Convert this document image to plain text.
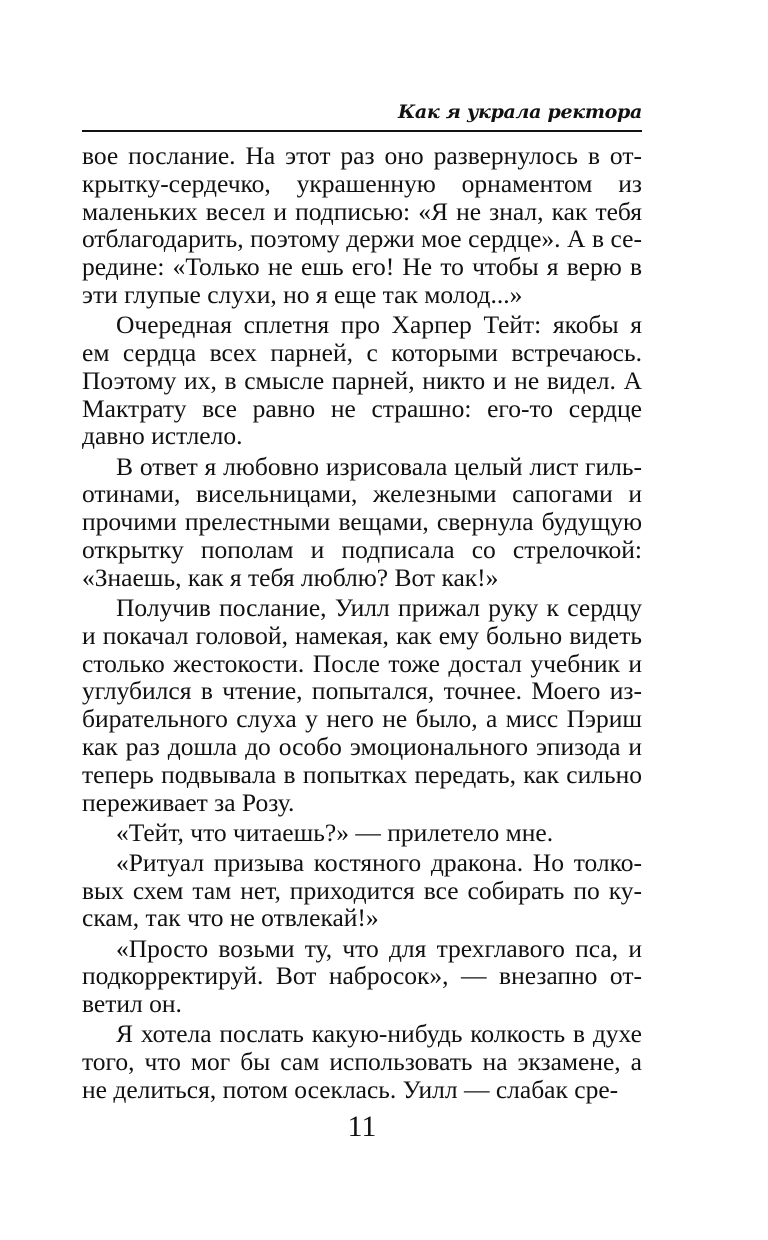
Как я украла ректора

вое послание. На этот раз оно развернулось в открытку-сердечко, украшенную орнаментом из маленьких весел и подписью: «Я не знал, как тебя отблагодарить, поэтому держи мое сердце». А в середине: «Только не ешь его! Не то чтобы я верю в эти глупые слухи, но я еще так молод...»

Очередная сплетня про Харпер Тейт: якобы я ем сердца всех парней, с которыми встречаюсь. Поэтому их, в смысле парней, никто и не видел. А Мактрату все равно не страшно: его-то сердце давно истлело.

В ответ я любовно изрисовала целый лист гильотинами, висельницами, железными сапогами и прочими прелестными вещами, свернула будущую открытку пополам и подписала со стрелочкой: «Знаешь, как я тебя люблю? Вот как!»

Получив послание, Уилл прижал руку к сердцу и покачал головой, намекая, как ему больно видеть столько жестокости. После тоже достал учебник и углубился в чтение, попытался, точнее. Моего избирательного слуха у него не было, а мисс Пэриш как раз дошла до особо эмоционального эпизода и теперь подвывала в попытках передать, как сильно переживает за Розу.

«Тейт, что читаешь?» — прилетело мне.

«Ритуал призыва костяного дракона. Но толковых схем там нет, приходится все собирать по кускам, так что не отвлекай!»

«Просто возьми ту, что для трехглавого пса, и подкорректируй. Вот набросок», — внезапно ответил он.

Я хотела послать какую-нибудь колкость в духе того, что мог бы сам использовать на экзамене, а не делиться, потом осеклась. Уилл — слабак сре-

11
